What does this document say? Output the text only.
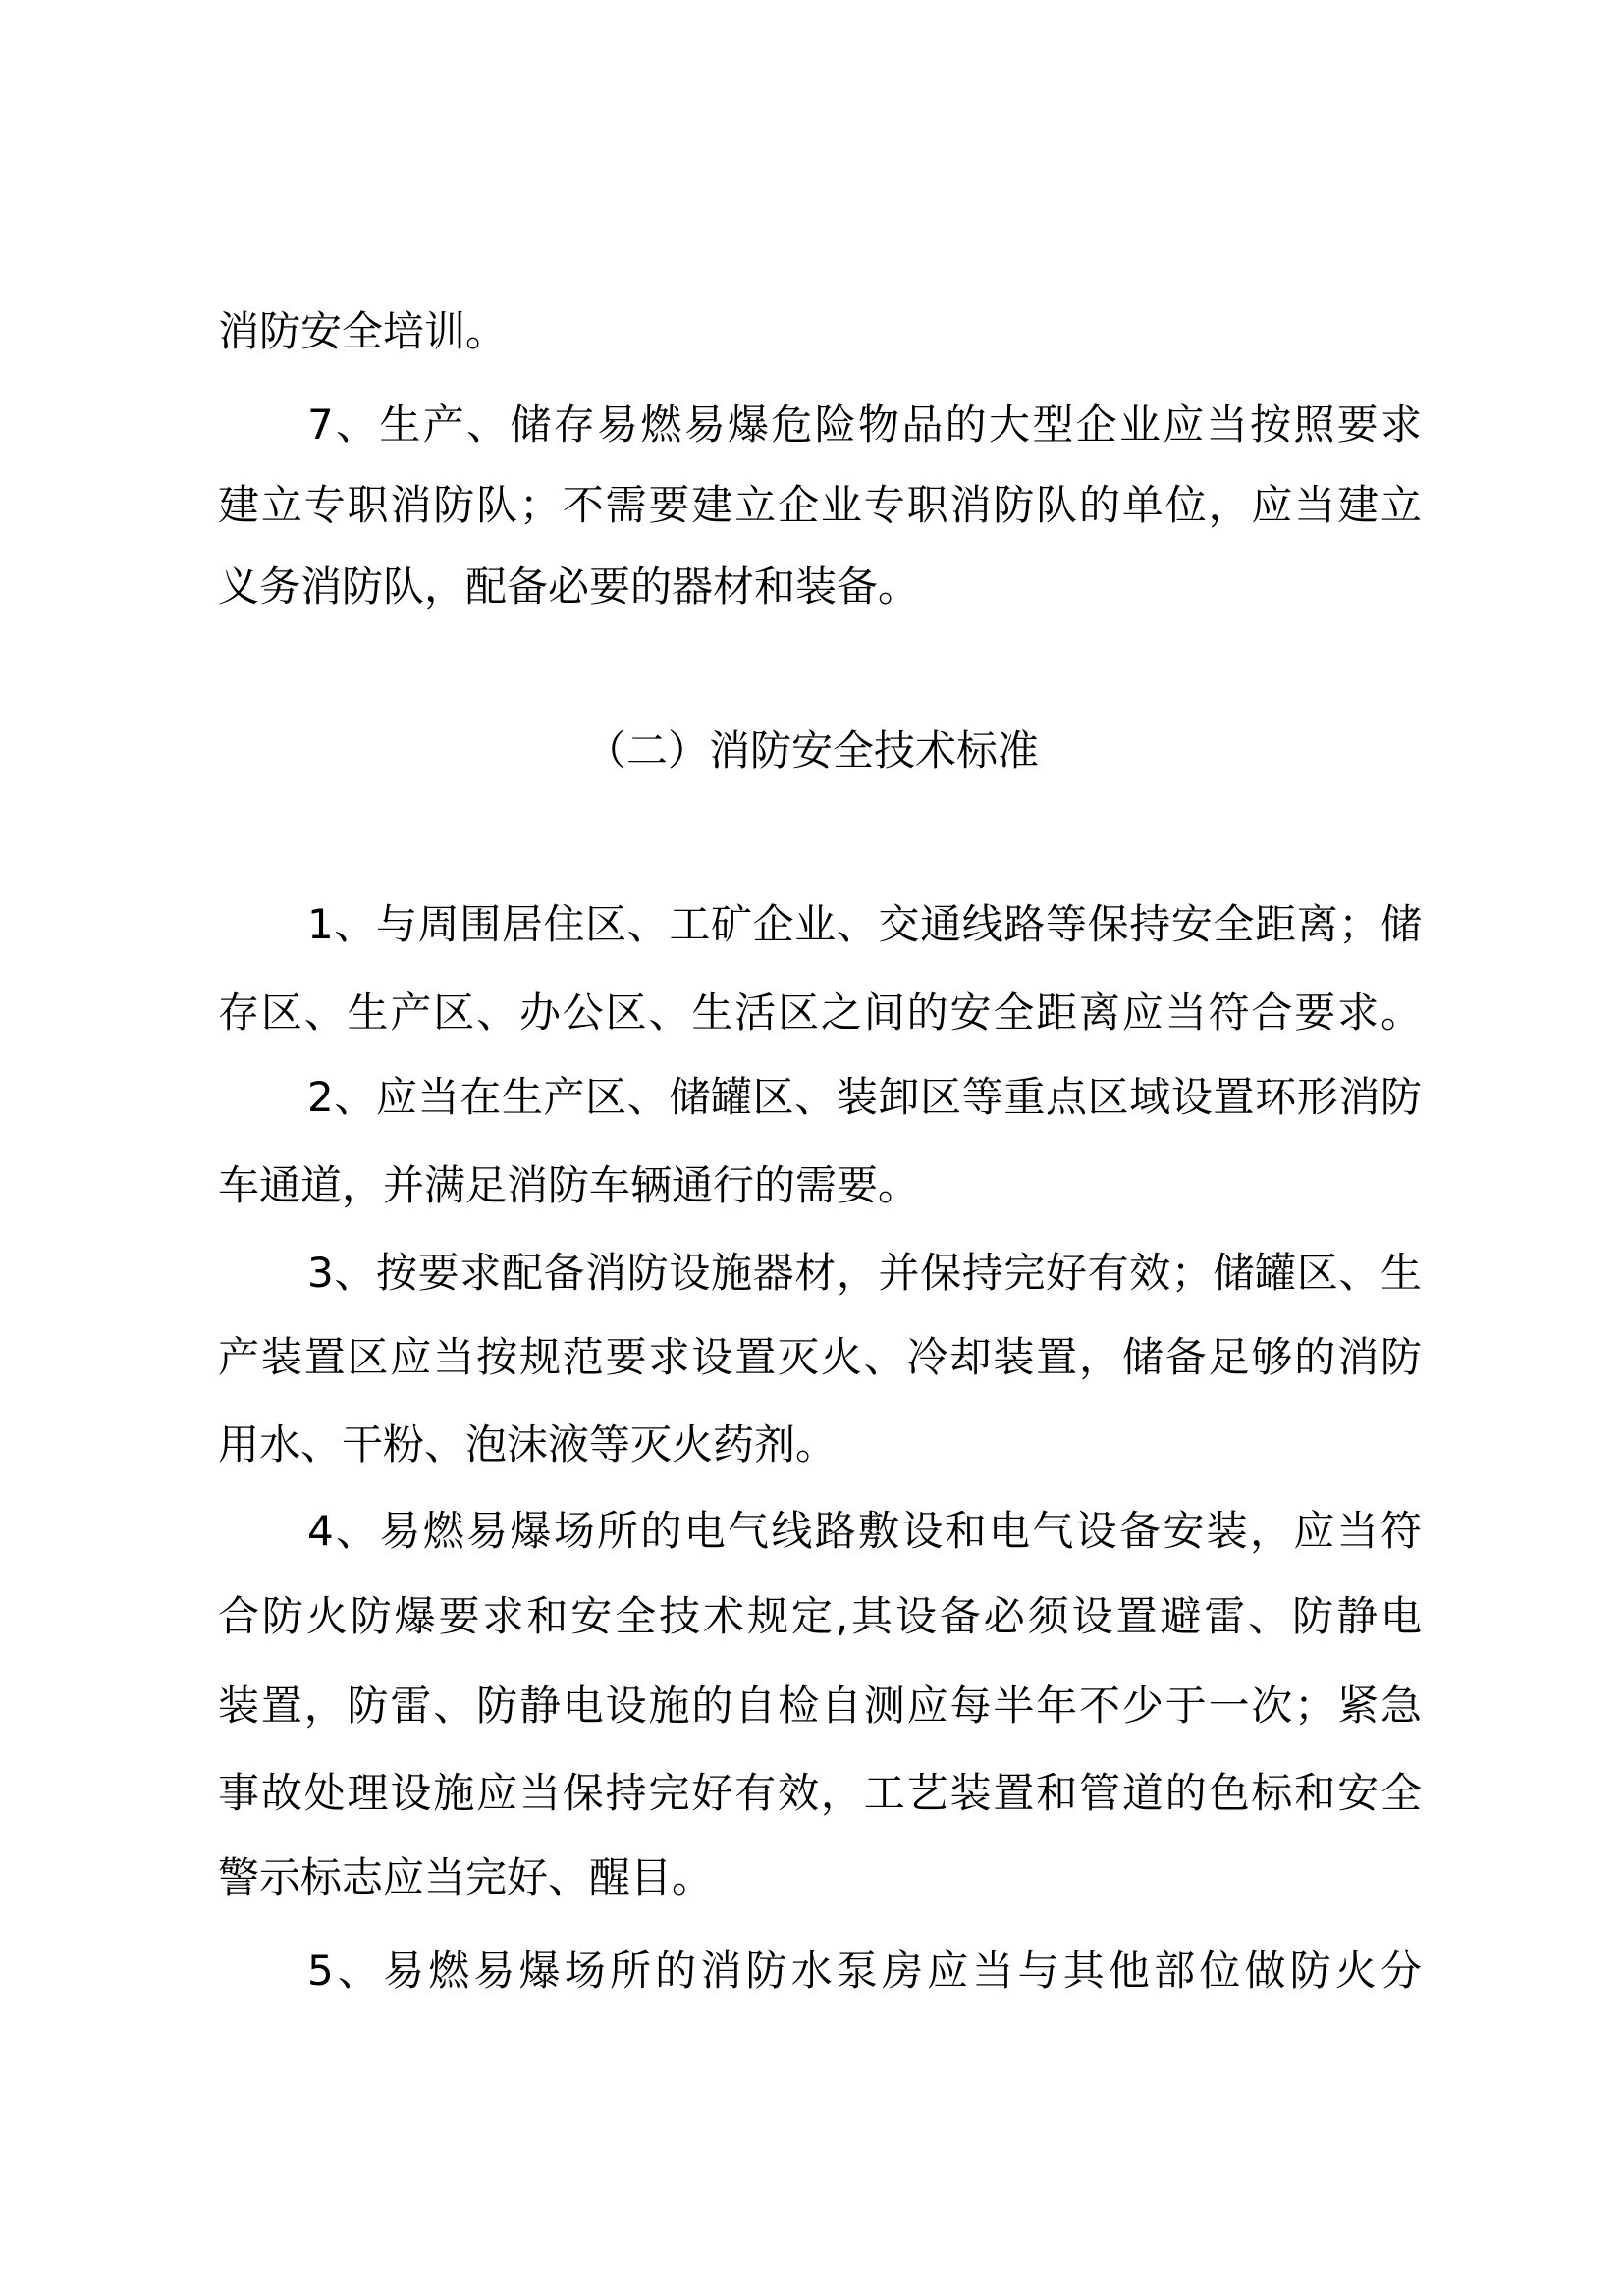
消防安全培训。
7、生产、储存易燃易爆危险物品的大型企业应当按照要求
建立专职消防队；不需要建立企业专职消防队的单位，应当建立
义务消防队，配备必要的器材和装备。
（二）消防安全技术标准
1、与周围居住区、工矿企业、交通线路等保持安全距离；储
存区、生产区、办公区、生活区之间的安全距离应当符合要求。
2、应当在生产区、储罐区、装卸区等重点区域设置环形消防
车通道，并满足消防车辆通行的需要。
3、按要求配备消防设施器材，并保持完好有效；储罐区、生
产装置区应当按规范要求设置灭火、冷却装置，储备足够的消防
用水、干粉、泡沫液等灭火药剂。
4、易燃易爆场所的电气线路敷设和电气设备安装，应当符
合防火防爆要求和安全技术规定,其设备必须设置避雷、防静电
装置，防雷、防静电设施的自检自测应每半年不少于一次；紧急
事故处理设施应当保持完好有效，工艺装置和管道的色标和安全
警示标志应当完好、醒目。
5、易燃易爆场所的消防水泵房应当与其他部位做防火分
